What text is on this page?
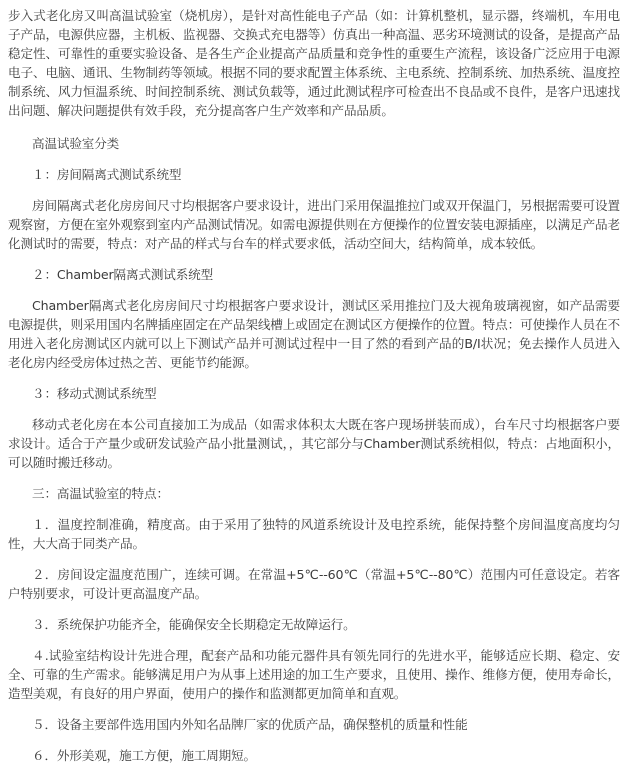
步入式老化房又叫高温试验室（烧机房），是针对高性能电子产品（如：计算机整机，显示器，终端机，车用电子产品，电源供应器，主机板、监视器、交换式充电器等）仿真出一种高温、恶劣环境测试的设备，是提高产品稳定性、可靠性的重要实验设备、是各生产企业提高产品质量和竞争性的重要生产流程，该设备广泛应用于电源电子、电脑、通讯、生物制药等领域。根据不同的要求配置主体系统、主电系统、控制系统、加热系统、温度控制系统、风力恒温系统、时间控制系统、测试负载等，通过此测试程序可检查出不良品或不良件，是客户迅速找出问题、解决问题提供有效手段，充分提高客户生产效率和产品品质。

高温试验室分类

１：房间隔离式测试系统型

房间隔离式老化房房间尺寸均根据客户要求设计，进出门采用保温推拉门或双开保温门，另根据需要可设置观察窗，方便在室外观察到室内产品测试情况。如需电源提供则在方便操作的位置安装电源插座，以满足产品老化测试时的需要，特点：对产品的样式与台车的样式要求低，活动空间大，结构简单，成本较低。

２：Chamber隔离式测试系统型

Chamber隔离式老化房房间尺寸均根据客户要求设计，测试区采用推拉门及大视角玻璃视窗，如产品需要电源提供，则采用国内名牌插座固定在产品架线槽上或固定在测试区方便操作的位置。特点：可使操作人员在不用进入老化房测试区内就可以上下测试产品并可测试过程中一目了然的看到产品的B/I状况；免去操作人员进入老化房内经受房体过热之苦、更能节约能源。

３：移动式测试系统型

移动式老化房在本公司直接加工为成品（如需求体积太大既在客户现场拼装而成），台车尺寸均根据客户要求设计。适合于产量少或研发试验产品小批量测试，，其它部分与Chamber测试系统相似，特点：占地面积小，可以随时搬迁移动。

三：高温试验室的特点：

１．温度控制准确，精度高。由于采用了独特的风道系统设计及电控系统，能保持整个房间温度高度均匀性，大大高于同类产品。

２．房间设定温度范围广，连续可调。在常温+5℃--60℃（常温+5℃--80℃）范围内可任意设定。若客户特别要求，可设计更高温度产品。

３．系统保护功能齐全，能确保安全长期稳定无故障运行。

４.试验室结构设计先进合理，配套产品和功能元器件具有领先同行的先进水平，能够适应长期、稳定、安全、可靠的生产需求。能够满足用户为从事上述用途的加工生产要求，且使用、操作、维修方便，使用寿命长，造型美观，有良好的用户界面，使用户的操作和监测都更加简单和直观。

５．设备主要部件选用国内外知名品牌厂家的优质产品，确保整机的质量和性能

６．外形美观，施工方便，施工周期短。
